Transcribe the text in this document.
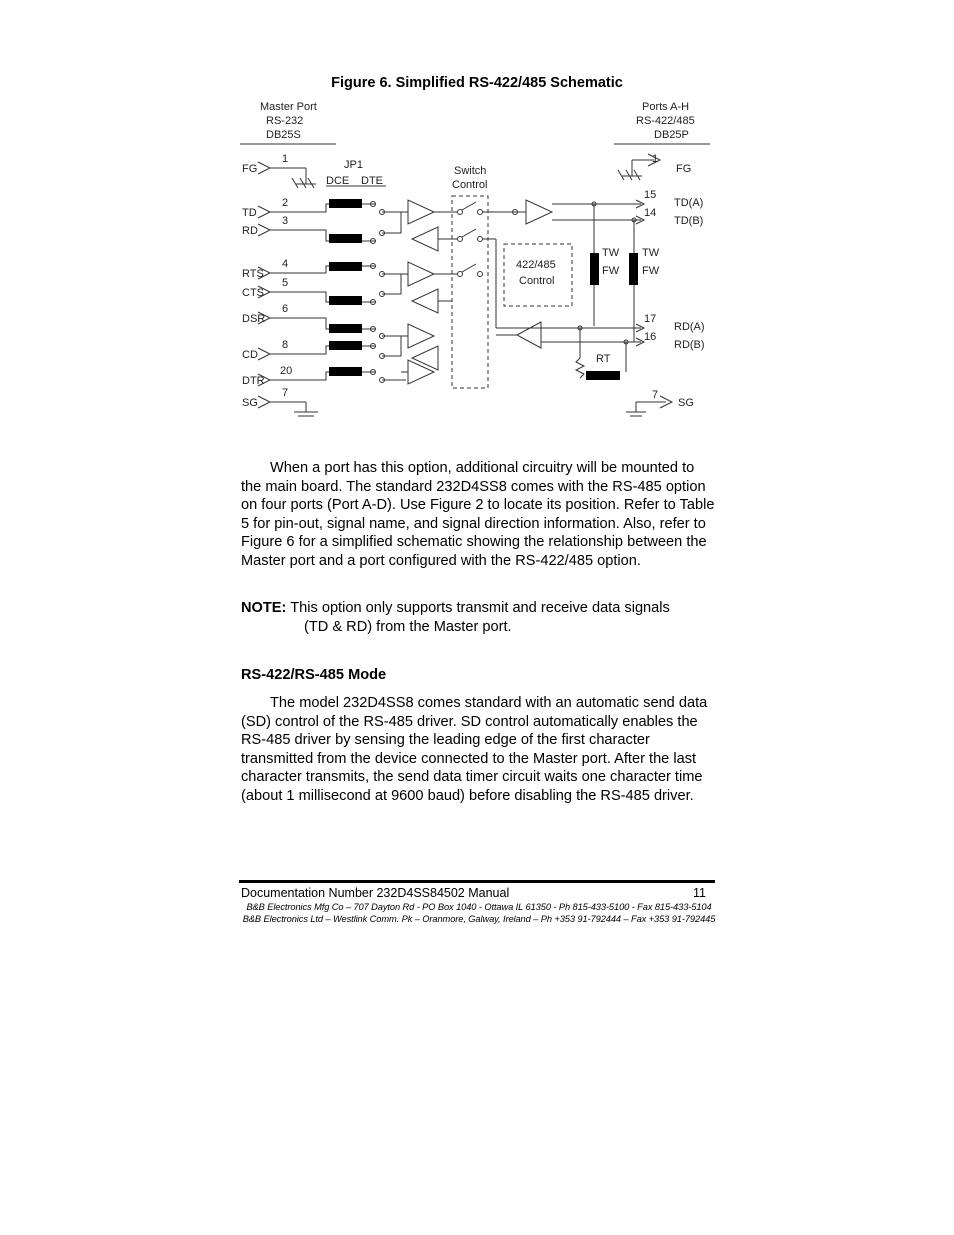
Figure 6. Simplified RS-422/485 Schematic
Master Port
RS-232
DB25S
Ports A-H
RS-422/485
DB25P
FG
TD
RD
RTS
CTS
DSR
CD
DTR
SG
1
2
3
4
5
6
8
20
7
JP1
DCE DTE
Switch
Control
422/485
Control
TW
FW
TW
FW
RT
FG
TD(A)
TD(B)
RD(A)
RD(B)
SG
1
15
14
17
16
7

When a port has this option, additional circuitry will be mounted to the main board. The standard 232D4SS8 comes with the RS-485 option on four ports (Port A-D). Use Figure 2 to locate its position. Refer to Table 5 for pin-out, signal name, and signal direction information. Also, refer to Figure 6 for a simplified schematic showing the relationship between the Master port and a port configured with the RS-422/485 option.

NOTE: This option only supports transmit and receive data signals
(TD & RD) from the Master port.

RS-422/RS-485 Mode

The model 232D4SS8 comes standard with an automatic send data (SD) control of the RS-485 driver. SD control automatically enables the RS-485 driver by sensing the leading edge of the first character transmitted from the device connected to the Master port. After the last character transmits, the send data timer circuit waits one character time (about 1 millisecond at 9600 baud) before disabling the RS-485 driver.

Documentation Number 232D4SS84502 Manual	11
B&B Electronics Mfg Co – 707 Dayton Rd - PO Box 1040 - Ottawa IL 61350 - Ph 815-433-5100 - Fax 815-433-5104
B&B Electronics Ltd – Westlink Comm. Pk – Oranmore, Galway, Ireland – Ph +353 91-792444 – Fax +353 91-792445
